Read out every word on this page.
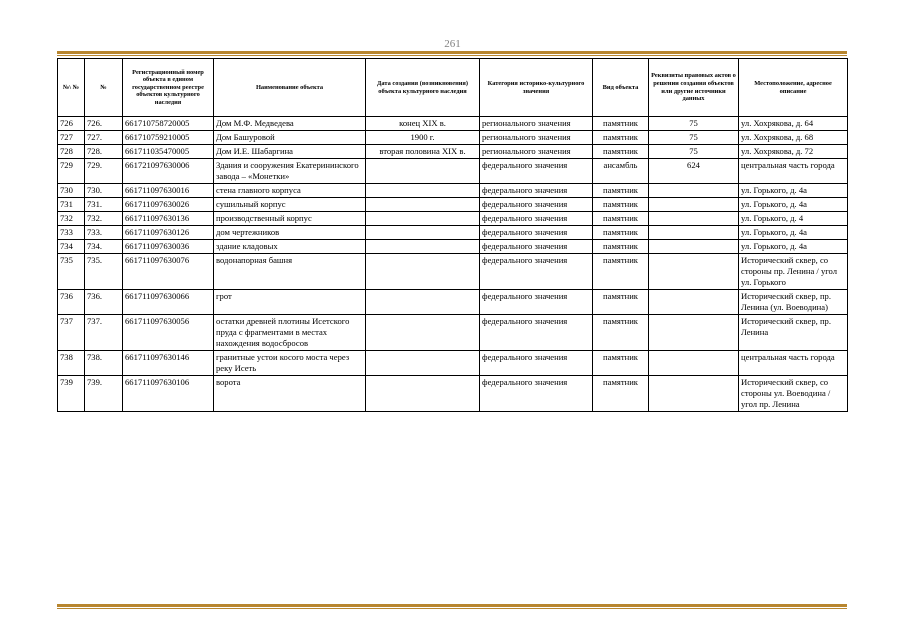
261
№\ №	№	Регистрационный номер объекта в едином государственном реестре объектов культурного наследия	Наименование объекта	Дата создания (возникновения) объекта культурного наследия	Категория историко-культурного значения	Вид объекта	Реквизиты правовых актов о решении создания объектов или другие источники данных	Местоположение, адресное описание
726	726.	661710758720005	Дом М.Ф. Медведева	конец XIX в.	регионального значения	памятник	75	ул. Хохрякова, д. 64
727	727.	661710759210005	Дом Башуровой	1900 г.	регионального значения	памятник	75	ул. Хохрякова, д. 68
728	728.	661711035470005	Дом И.Е. Шабаргина	вторая половина XIX в.	регионального значения	памятник	75	ул. Хохрякова, д. 72
729	729.	661721097630006	Здания и сооружения Екатерининского завода – «Монетки»		федерального значения	ансамбль	624	центральная часть города
730	730.	661711097630016	стена главного корпуса		федерального значения	памятник		ул. Горького, д. 4а
731	731.	661711097630026	сушильный корпус		федерального значения	памятник		ул. Горького, д. 4а
732	732.	661711097630136	производственный корпус		федерального значения	памятник		ул. Горького, д. 4
733	733.	661711097630126	дом чертежников		федерального значения	памятник		ул. Горького, д. 4а
734	734.	661711097630036	здание кладовых		федерального значения	памятник		ул. Горького, д. 4а
735	735.	661711097630076	водонапорная башня		федерального значения	памятник		Исторический сквер, со стороны пр. Ленина / угол ул. Горького
736	736.	661711097630066	грот		федерального значения	памятник		Исторический сквер, пр. Ленина (ул. Воеводина)
737	737.	661711097630056	остатки древней плотины Исетского пруда с фрагментами в местах нахождения водосбросов		федерального значения	памятник		Исторический сквер, пр. Ленина
738	738.	661711097630146	гранитные устои косого моста через реку Исеть		федерального значения	памятник		центральная часть города
739	739.	661711097630106	ворота		федерального значения	памятник		Исторический сквер, со стороны ул. Воеводина / угол пр. Ленина
